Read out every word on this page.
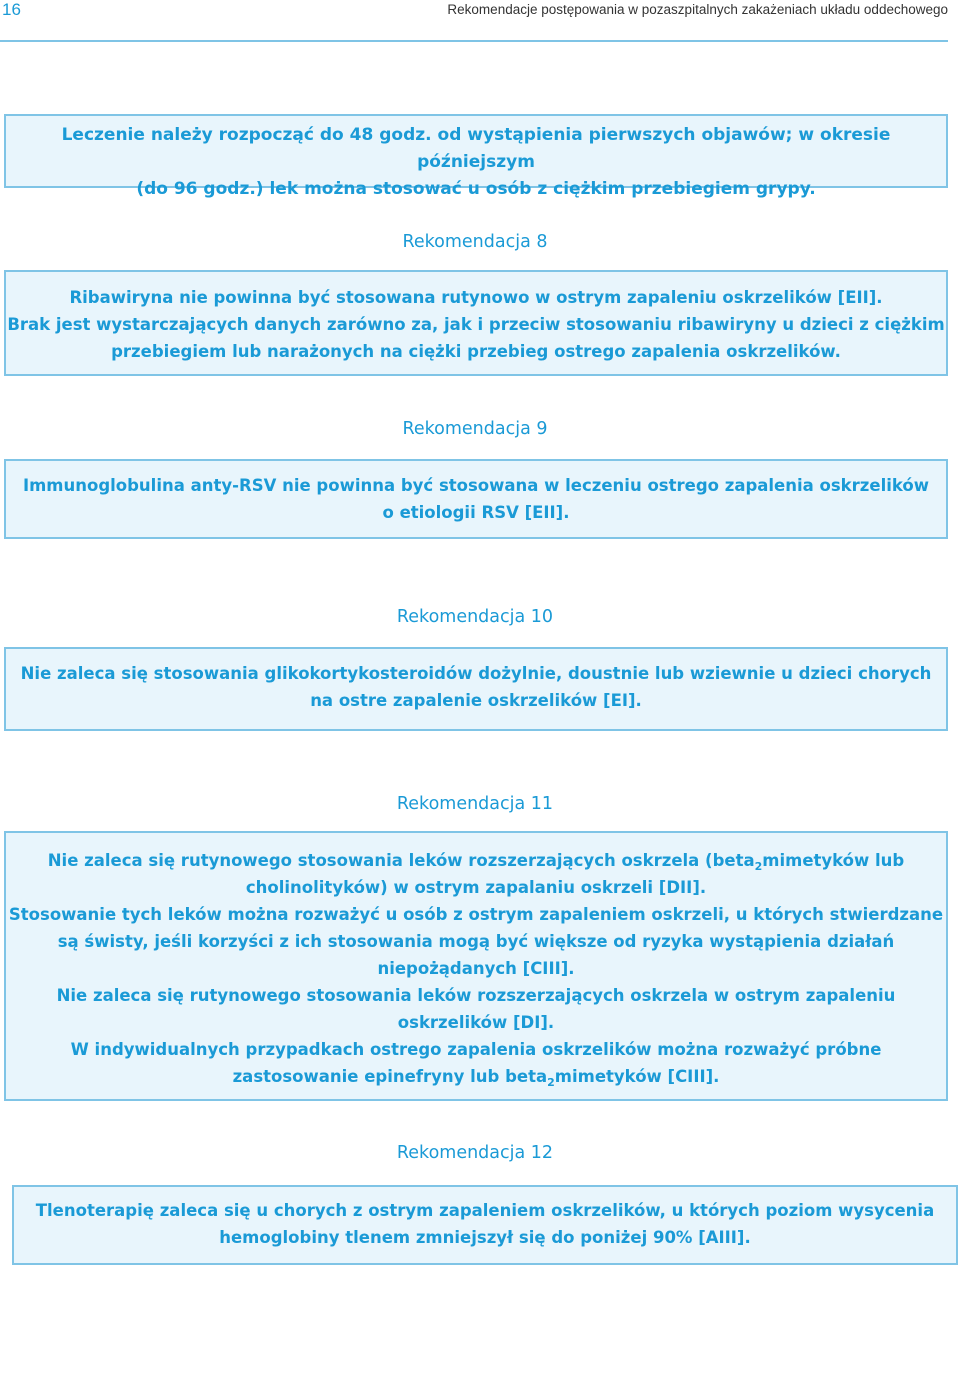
16	Rekomendacje postępowania w pozaszpitalnych zakażeniach układu oddechowego

Leczenie należy rozpocząć do 48 godz. od wystąpienia pierwszych objawów; w okresie późniejszym

(do 96 godz.) lek można stosować u osób z ciężkim przebiegiem grypy.

Rekomendacja 8

Ribawiryna nie powinna być stosowana rutynowo w ostrym zapaleniu oskrzelików [EII].

Brak jest wystarczających danych zarówno za, jak i przeciw stosowaniu ribawiryny u dzieci z ciężkim

przebiegiem lub narażonych na ciężki przebieg ostrego zapalenia oskrzelików.

Rekomendacja 9

Immunoglobulina anty-RSV nie powinna być stosowana w leczeniu ostrego zapalenia oskrzelików

o etiologii RSV [EII].

Rekomendacja 10

Nie zaleca się stosowania glikokortykosteroidów dożylnie, doustnie lub wziewnie u dzieci chorych

na ostre zapalenie oskrzelików [EI].

Rekomendacja 11

Nie zaleca się rutynowego stosowania leków rozszerzających oskrzela (beta$_2$mimetyków lub

cholinolityków) w ostrym zapalaniu oskrzeli [DII].

Stosowanie tych leków można rozważyć u osób z ostrym zapaleniem oskrzeli, u których stwierdzane

są świsty, jeśli korzyści z ich stosowania mogą być większe od ryzyka wystąpienia działań

niepożądanych [CIII].

Nie zaleca się rutynowego stosowania leków rozszerzających oskrzela w ostrym zapaleniu

oskrzelików [DI].

W indywidualnych przypadkach ostrego zapalenia oskrzelików można rozważyć próbne

zastosowanie epinefryny lub beta$_2$mimetyków [CIII].

Rekomendacja 12

Tlenoterapię zaleca się u chorych z ostrym zapaleniem oskrzelików, u których poziom wysycenia

hemoglobiny tlenem zmniejszył się do poniżej 90% [AIII].
